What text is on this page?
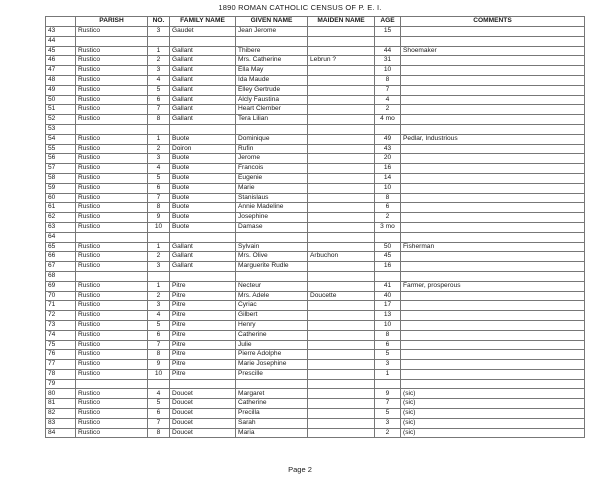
1890 ROMAN CATHOLIC CENSUS OF P. E. I.
	PARISH	NO.	FAMILY NAME	GIVEN NAME	MAIDEN NAME	AGE	COMMENTS
43	Rustico	3	Gaudet	Jean Jerome		15	
44							
45	Rustico	1	Gallant	Thibere		44	Shoemaker
46	Rustico	2	Gallant	Mrs. Catherine	Lebrun ?	31	
47	Rustico	3	Gallant	Ella May		10	
48	Rustico	4	Gallant	Ida Maude		8	
49	Rustico	5	Gallant	Elley Gertrude		7	
50	Rustico	6	Gallant	Alcly Faustina		4	
51	Rustico	7	Gallant	Heart Clember		2	
52	Rustico	8	Gallant	Tera Lilian		4 mo	
53							
54	Rustico	1	Buote	Dominique		49	Pedlar, Industrious
55	Rustico	2	Doiron	Rufin		43	
56	Rustico	3	Buote	Jerome		20	
57	Rustico	4	Buote	Francois		16	
58	Rustico	5	Buote	Eugenie		14	
59	Rustico	6	Buote	Marie		10	
60	Rustico	7	Buote	Stanislaus		8	
61	Rustico	8	Buote	Annie Madeline		6	
62	Rustico	9	Buote	Josephine		2	
63	Rustico	10	Buote	Damase		3 mo	
64							
65	Rustico	1	Gallant	Sylvain		50	Fisherman
66	Rustico	2	Gallant	Mrs. Olive	Arbuchon	45	
67	Rustico	3	Gallant	Marguerite Rudle		16	
68							
69	Rustico	1	Pitre	Necteur		41	Farmer, prosperous
70	Rustico	2	Pitre	Mrs. Adele	Doucette	40	
71	Rustico	3	Pitre	Cyriac		17	
72	Rustico	4	Pitre	Gilbert		13	
73	Rustico	5	Pitre	Henry		10	
74	Rustico	6	Pitre	Catherine		8	
75	Rustico	7	Pitre	Julie		6	
76	Rustico	8	Pitre	Pierre Adolphe		5	
77	Rustico	9	Pitre	Marie Josephine		3	
78	Rustico	10	Pitre	Prescille		1	
79							
80	Rustico	4	Doucet	Margaret		9	(sic)
81	Rustico	5	Doucet	Catherine		7	(sic)
82	Rustico	6	Doucet	Precilla		5	(sic)
83	Rustico	7	Doucet	Sarah		3	(sic)
84	Rustico	8	Doucet	Maria		2	(sic)
Page 2
